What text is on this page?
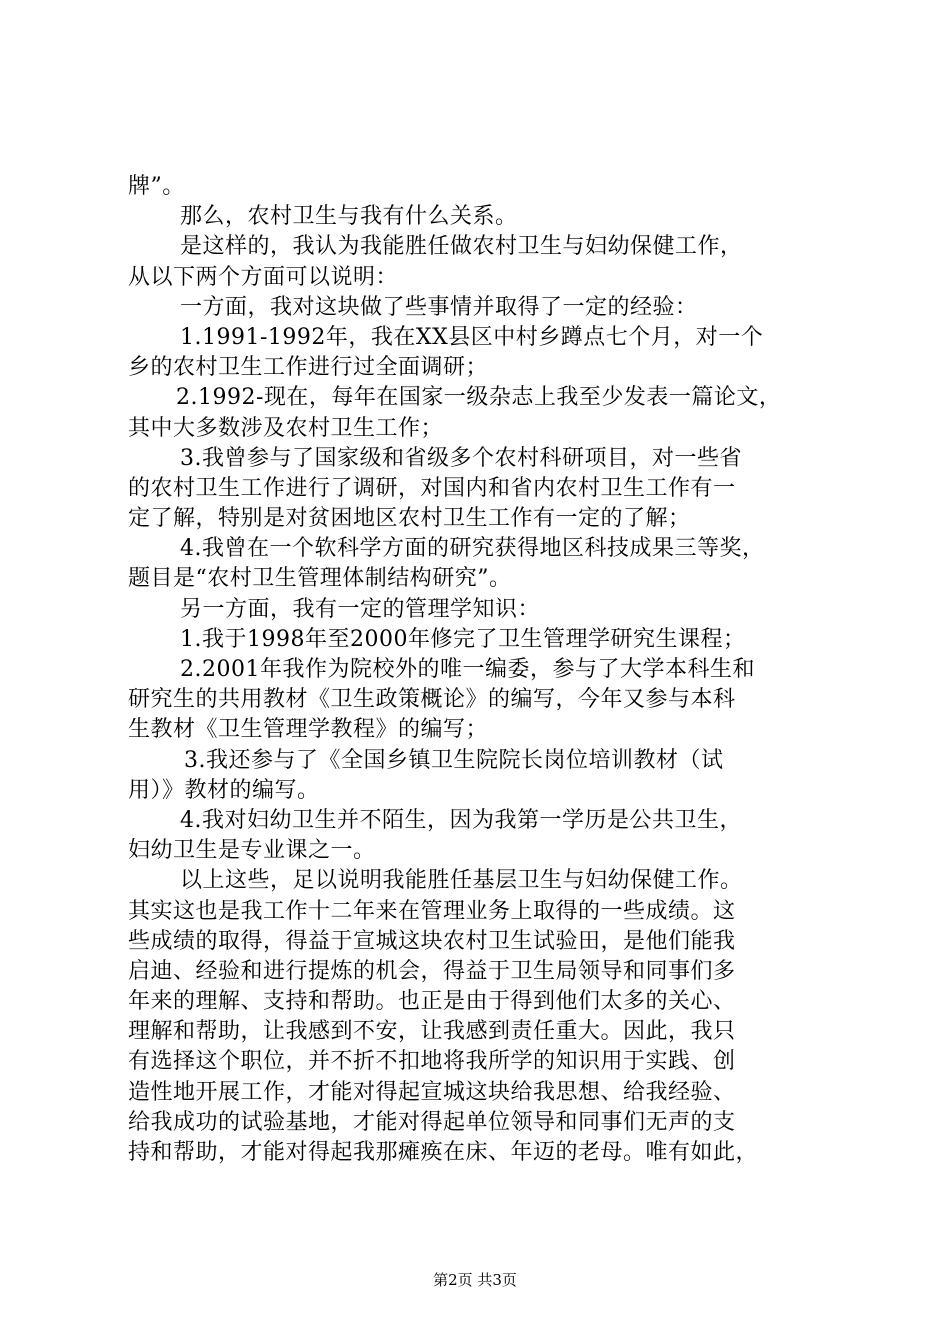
牌”。
那么，农村卫生与我有什么关系。
是这样的，我认为我能胜任做农村卫生与妇幼保健工作，
从以下两个方面可以说明：
一方面，我对这块做了些事情并取得了一定的经验：
1.1991-1992年，我在XX县区中村乡蹲点七个月，对一个
乡的农村卫生工作进行过全面调研；
2.1992-现在，每年在国家一级杂志上我至少发表一篇论文，
其中大多数涉及农村卫生工作；
3.我曾参与了国家级和省级多个农村科研项目，对一些省
的农村卫生工作进行了调研，对国内和省内农村卫生工作有一
定了解，特别是对贫困地区农村卫生工作有一定的了解；
4.我曾在一个软科学方面的研究获得地区科技成果三等奖，
题目是“农村卫生管理体制结构研究”。
另一方面，我有一定的管理学知识：
1.我于1998年至2000年修完了卫生管理学研究生课程；
2.2001年我作为院校外的唯一编委，参与了大学本科生和
研究生的共用教材《卫生政策概论》的编写，今年又参与本科
生教材《卫生管理学教程》的编写；
3.我还参与了《全国乡镇卫生院院长岗位培训教材（试
用）》教材的编写。
4.我对妇幼卫生并不陌生，因为我第一学历是公共卫生，
妇幼卫生是专业课之一。
以上这些，足以说明我能胜任基层卫生与妇幼保健工作。
其实这也是我工作十二年来在管理业务上取得的一些成绩。这
些成绩的取得，得益于宣城这块农村卫生试验田，是他们能我
启迪、经验和进行提炼的机会，得益于卫生局领导和同事们多
年来的理解、支持和帮助。也正是由于得到他们太多的关心、
理解和帮助，让我感到不安，让我感到责任重大。因此，我只
有选择这个职位，并不折不扣地将我所学的知识用于实践、创
造性地开展工作，才能对得起宣城这块给我思想、给我经验、
给我成功的试验基地，才能对得起单位领导和同事们无声的支
持和帮助，才能对得起我那瘫痪在床、年迈的老母。唯有如此，
第2页 共3页
